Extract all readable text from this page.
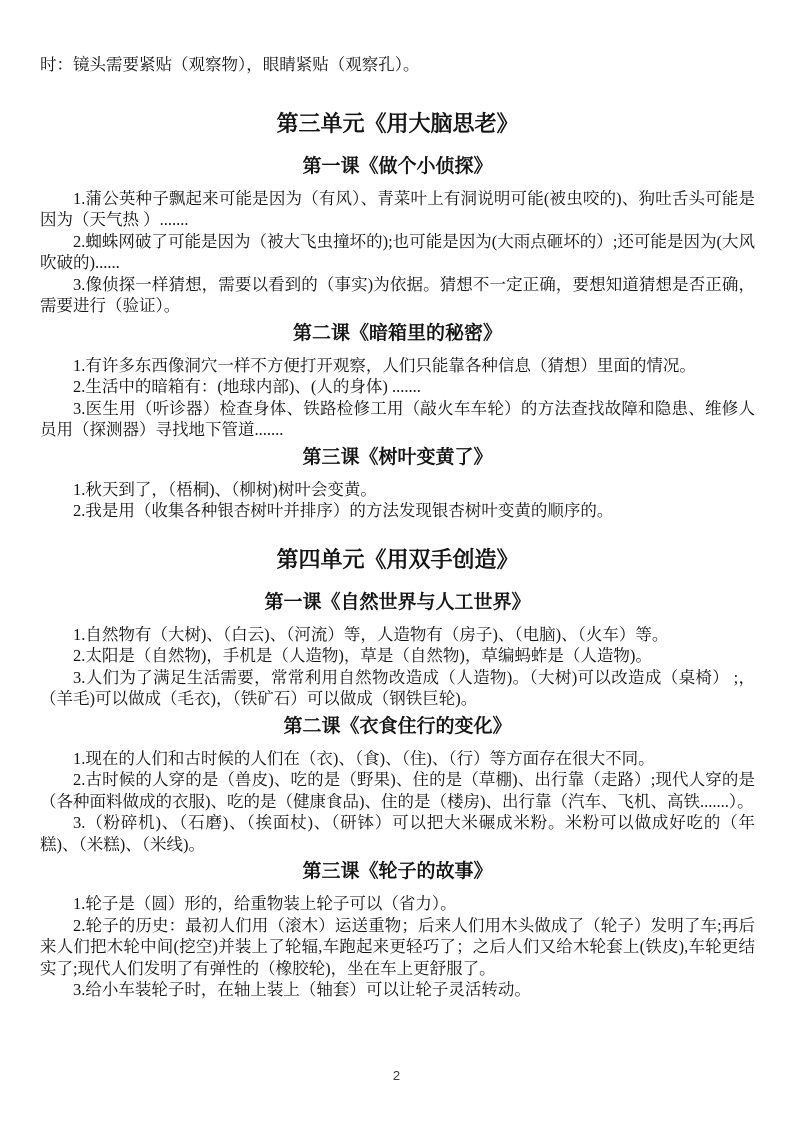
时：镜头需要紧贴（观察物），眼睛紧贴（观察孔）。

第三单元《用大脑思老》
第一课《做个小侦探》

1.蒲公英种子飘起来可能是因为（有风）、青菜叶上有洞说明可能(被虫咬的)、狗吐舌头可能是因为（天气热 ）.......

2.蜘蛛网破了可能是因为（被大飞虫撞坏的);也可能是因为(大雨点砸坏的）;还可能是因为(大风吹破的)......

3.像侦探一样猜想，需要以看到的（事实)为依据。猜想不一定正确，要想知道猜想是否正确，需要进行（验证）。

第二课《暗箱里的秘密》

1.有许多东西像洞穴一样不方便打开观察，人们只能靠各种信息（猜想）里面的情况。

2.生活中的暗箱有：(地球内部)、(人的身体) .......

3.医生用（听诊器）检查身体、铁路检修工用（敲火车车轮）的方法查找故障和隐患、维修人员用（探测器）寻找地下管道.......

第三课《树叶变黄了》

1.秋天到了，（梧桐)、（柳树)树叶会变黄。

2.我是用（收集各种银杏树叶并排序）的方法发现银杏树叶变黄的顺序的。

第四单元《用双手创造》
第一课《自然世界与人工世界》

1.自然物有（大树)、（白云)、（河流）等，人造物有（房子)、（电脑)、（火车）等。

2.太阳是（自然物)，手机是（人造物)，草是（自然物)，草编蚂蚱是（人造物)。

3.人们为了满足生活需要，常常利用自然物改造成（人造物)。（大树)可以改造成（桌椅） ;，（羊毛)可以做成（毛衣)，（铁矿石）可以做成（钢铁巨轮)。

第二课《衣食住行的变化》

1.现在的人们和古时候的人们在（衣)、（食)、（住)、（行）等方面存在很大不同。

2.古时候的人穿的是（兽皮)、吃的是（野果)、住的是（草棚)、出行靠（走路）;现代人穿的是（各种面料做成的衣服)、吃的是（健康食品)、住的是（楼房)、出行靠（汽车、飞机、高铁.......）。

3.（粉碎机)、（石磨)、（挨面杖)、（研钵）可以把大米碾成米粉。米粉可以做成好吃的（年糕)、（米糕)、（米线)。

第三课《轮子的故事》

1.轮子是（圆）形的，给重物装上轮子可以（省力）。

2.轮子的历史：最初人们用（滚木）运送重物；后来人们用木头做成了（轮子）发明了车;再后来人们把木轮中间(挖空)并装上了轮辐,车跑起来更轻巧了；之后人们又给木轮套上(铁皮),车轮更结实了;现代人们发明了有弹性的（橡胶轮)，坐在车上更舒服了。

3.给小车装轮子时，在轴上装上（轴套）可以让轮子灵活转动。

2
